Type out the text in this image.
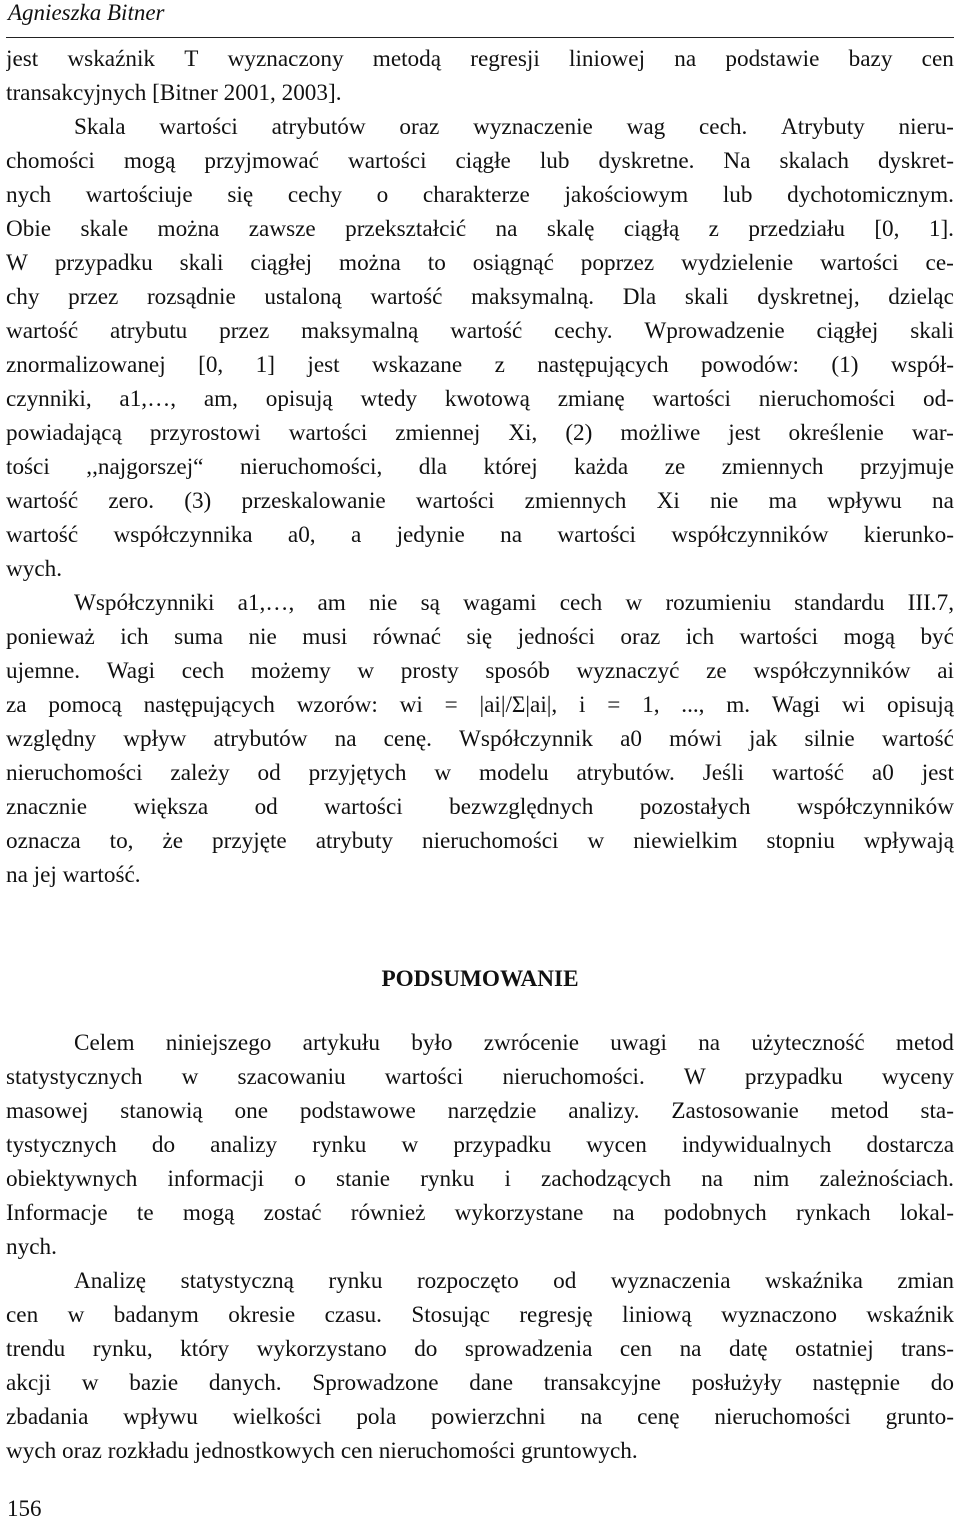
Agnieszka Bitner
jest wskaźnik T wyznaczony metodą regresji liniowej na podstawie bazy cen
transakcyjnych [Bitner 2001, 2003].
Skala wartości atrybutów oraz wyznaczenie wag cech. Atrybuty nieru-
chomości mogą przyjmować wartości ciągłe lub dyskretne. Na skalach dyskret-
nych wartościuje się cechy o charakterze jakościowym lub dychotomicznym.
Obie skale można zawsze przekształcić na skalę ciągłą z przedziału [0, 1].
W przypadku skali ciągłej można to osiągnąć poprzez wydzielenie wartości ce-
chy przez rozsądnie ustaloną wartość maksymalną. Dla skali dyskretnej, dzieląc
wartość atrybutu przez maksymalną wartość cechy. Wprowadzenie ciągłej skali
znormalizowanej [0, 1] jest wskazane z następujących powodów: (1) współ-
czynniki, a1,…, am, opisują wtedy kwotową zmianę wartości nieruchomości od-
powiadającą przyrostowi wartości zmiennej Xi, (2) możliwe jest określenie war-
tości ,,najgorszej“ nieruchomości, dla której każda ze zmiennych przyjmuje
wartość zero. (3) przeskalowanie wartości zmiennych Xi nie ma wpływu na
wartość współczynnika a0, a jedynie na wartości współczynników kierunko-
wych.
Współczynniki a1,…, am nie są wagami cech w rozumieniu standardu III.7,
ponieważ ich suma nie musi równać się jedności oraz ich wartości mogą być
ujemne. Wagi cech możemy w prosty sposób wyznaczyć ze współczynników ai
za pomocą następujących wzorów: wi = |ai|/Σ|ai|, i = 1, ..., m. Wagi wi opisują
względny wpływ atrybutów na cenę. Współczynnik a0 mówi jak silnie wartość
nieruchomości zależy od przyjętych w modelu atrybutów. Jeśli wartość a0 jest
znacznie większa od wartości bezwzględnych pozostałych współczynników
oznacza to, że przyjęte atrybuty nieruchomości w niewielkim stopniu wpływają
na jej wartość.
PODSUMOWANIE
Celem niniejszego artykułu było zwrócenie uwagi na użyteczność metod
statystycznych w szacowaniu wartości nieruchomości. W przypadku wyceny
masowej stanowią one podstawowe narzędzie analizy. Zastosowanie metod sta-
tystycznych do analizy rynku w przypadku wycen indywidualnych dostarcza
obiektywnych informacji o stanie rynku i zachodzących na nim zależnościach.
Informacje te mogą zostać również wykorzystane na podobnych rynkach lokal-
nych.
Analizę statystyczną rynku rozpoczęto od wyznaczenia wskaźnika zmian
cen w badanym okresie czasu. Stosując regresję liniową wyznaczono wskaźnik
trendu rynku, który wykorzystano do sprowadzenia cen na datę ostatniej trans-
akcji w bazie danych. Sprowadzone dane transakcyjne posłużyły następnie do
zbadania wpływu wielkości pola powierzchni na cenę nieruchomości grunto-
wych oraz rozkładu jednostkowych cen nieruchomości gruntowych.
156
